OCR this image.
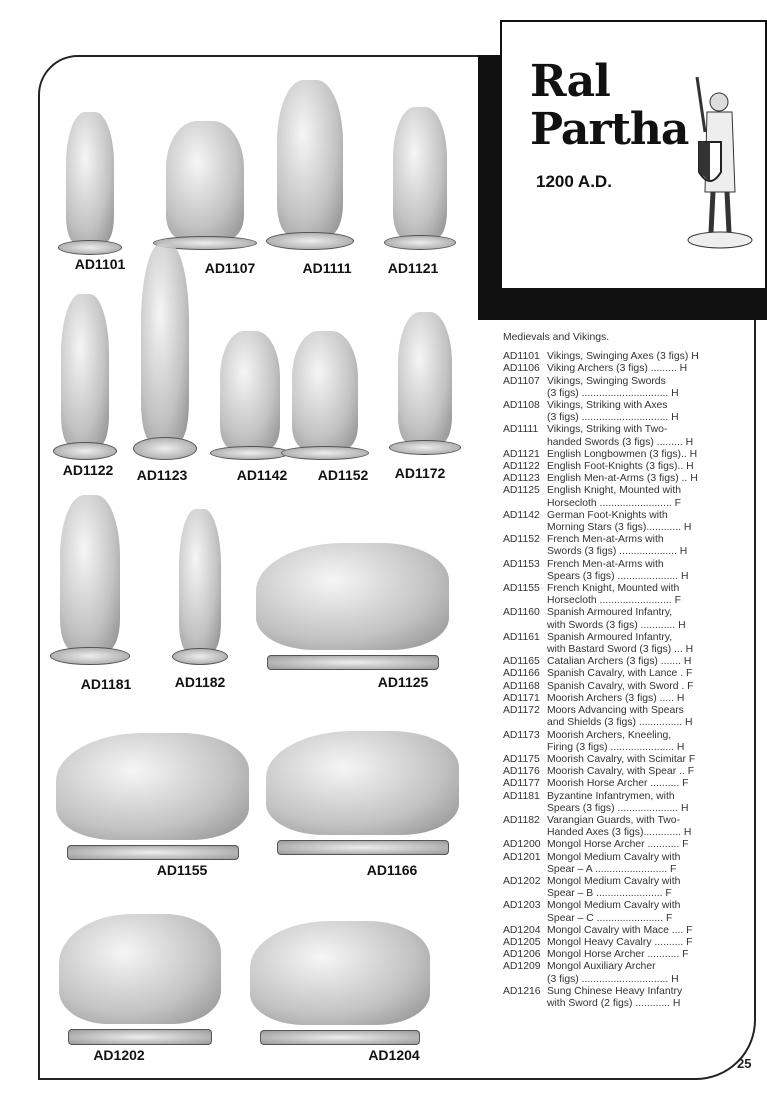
Ral
Partha
1200 A.D.
AD1101	AD1107	AD1111	AD1121
AD1122 AD1123	AD1142 AD1152 AD1172
AD1181	AD1182	AD1125
AD1155	AD1166
AD1202	AD1204
Medievals and Vikings.
AD1101 Vikings, Swinging Axes (3 figs) H
AD1106 Viking Archers (3 figs) ......... H
AD1107 Vikings, Swinging Swords
(3 figs) .............................. H
AD1108 Vikings, Striking with Axes
(3 figs) .............................. H
AD1111 Vikings, Striking with Two-
handed Swords (3 figs) ......... H
AD1121 English Longbowmen (3 figs).. H
AD1122 English Foot-Knights (3 figs).. H
AD1123 English Men-at-Arms (3 figs) .. H
AD1125 English Knight, Mounted with
Horsecloth ......................... F
AD1142 German Foot-Knights with
Morning Stars (3 figs)............ H
AD1152 French Men-at-Arms with
Swords (3 figs) .................... H
AD1153 French Men-at-Arms with
Spears (3 figs) ..................... H
AD1155 French Knight, Mounted with
Horsecloth ......................... F
AD1160 Spanish Armoured Infantry,
with Swords (3 figs) ............ H
AD1161 Spanish Armoured Infantry,
with Bastard Sword (3 figs) ... H
AD1165 Catalian Archers (3 figs) ....... H
AD1166 Spanish Cavalry, with Lance . F
AD1168 Spanish Cavalry, with Sword . F
AD1171 Moorish Archers (3 figs) ..... H
AD1172 Moors Advancing with Spears
and Shields (3 figs) ............... H
AD1173 Moorish Archers, Kneeling,
Firing (3 figs) ...................... H
AD1175 Moorish Cavalry, with Scimitar F
AD1176 Moorish Cavalry, with Spear .. F
AD1177 Moorish Horse Archer .......... F
AD1181 Byzantine Infantrymen, with
Spears (3 figs) ..................... H
AD1182 Varangian Guards, with Two-
Handed Axes (3 figs)............. H
AD1200 Mongol Horse Archer ........... F
AD1201 Mongol Medium Cavalry with
Spear – A ......................... F
AD1202 Mongol Medium Cavalry with
Spear – B ....................... F
AD1203 Mongol Medium Cavalry with
Spear – C ....................... F
AD1204 Mongol Cavalry with Mace .... F
AD1205 Mongol Heavy Cavalry .......... F
AD1206 Mongol Horse Archer ........... F
AD1209 Mongol Auxiliary Archer
(3 figs) .............................. H
AD1216 Sung Chinese Heavy Infantry
with Sword (2 figs) ............ H
25
